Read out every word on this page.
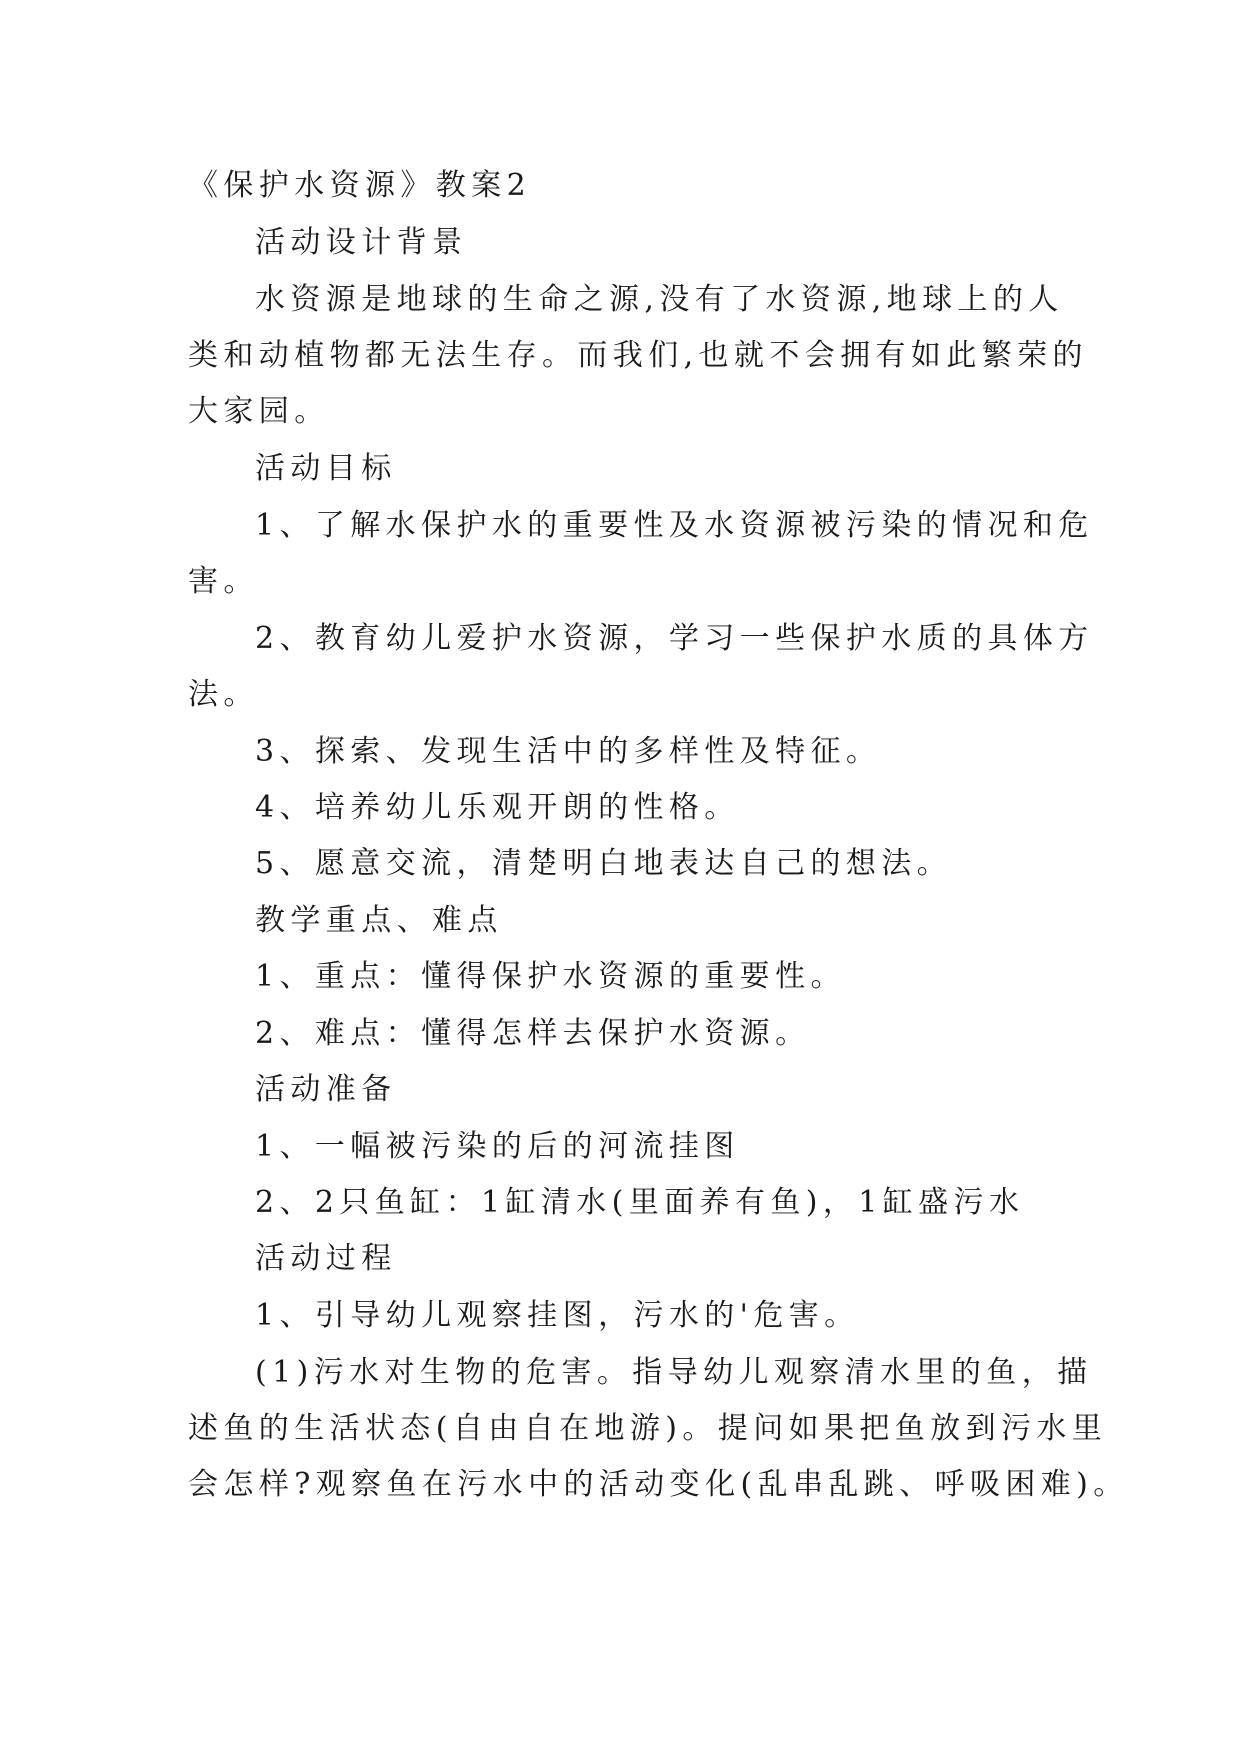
《保护水资源》教案2

活动设计背景

水资源是地球的生命之源,没有了水资源,地球上的人

类和动植物都无法生存。而我们,也就不会拥有如此繁荣的

大家园。

活动目标

1、了解水保护水的重要性及水资源被污染的情况和危

害。

2、教育幼儿爱护水资源，学习一些保护水质的具体方

法。

3、探索、发现生活中的多样性及特征。

4、培养幼儿乐观开朗的性格。

5、愿意交流，清楚明白地表达自己的想法。

教学重点、难点

1、重点：懂得保护水资源的重要性。

2、难点：懂得怎样去保护水资源。

活动准备

1、一幅被污染的后的河流挂图

2、2只鱼缸：1缸清水(里面养有鱼)，1缸盛污水

活动过程

1、引导幼儿观察挂图，污水的'危害。

(1)污水对生物的危害。指导幼儿观察清水里的鱼，描

述鱼的生活状态(自由自在地游)。提问如果把鱼放到污水里

会怎样?观察鱼在污水中的活动变化(乱串乱跳、呼吸困难)。
